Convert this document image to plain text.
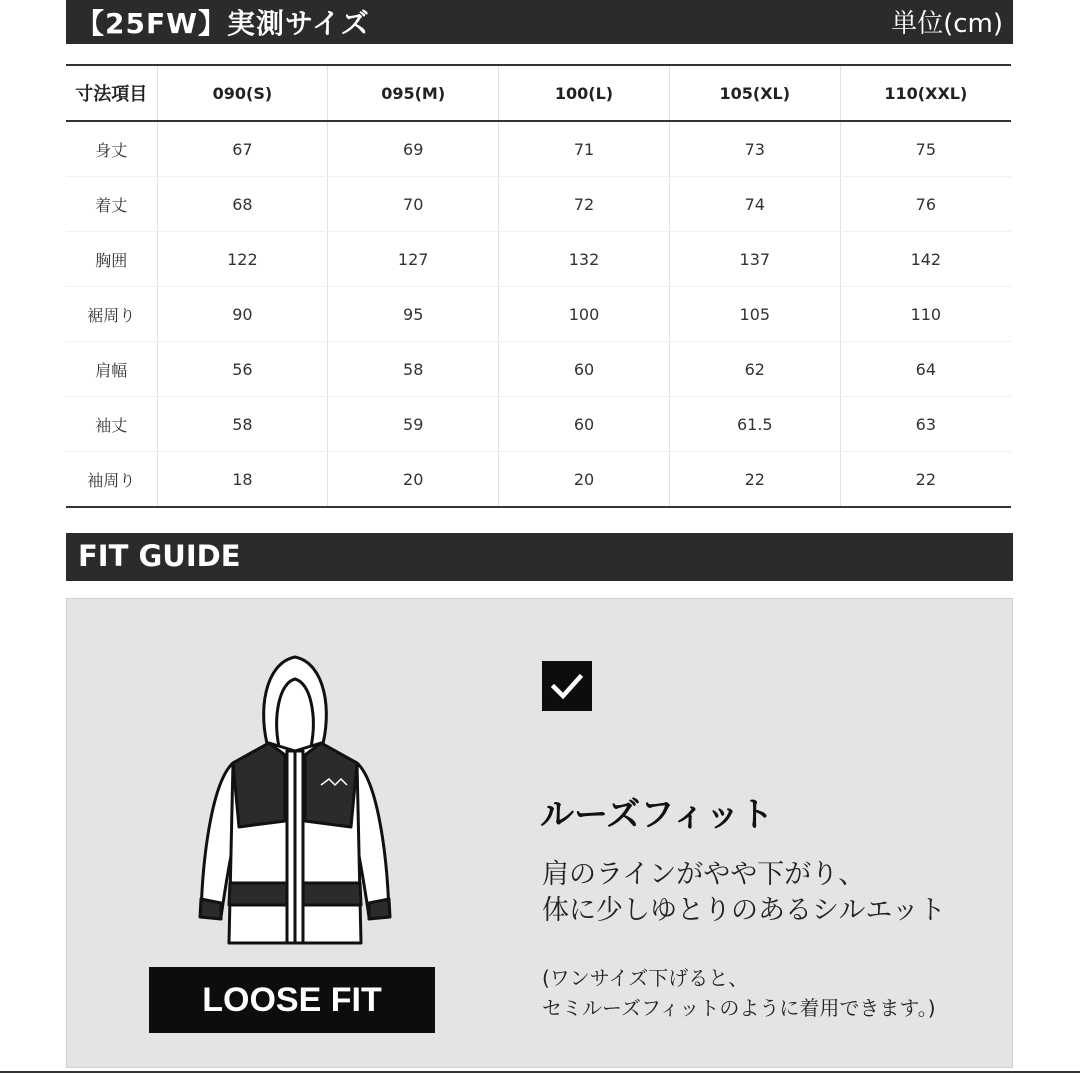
【25FW】実測サイズ	単位(cm)
寸法項目	090(S)	095(M)	100(L)	105(XL)	110(XXL)
身丈	67	69	71	73	75
着丈	68	70	72	74	76
胸囲	122	127	132	137	142
裾周り	90	95	100	105	110
肩幅	56	58	60	62	64
袖丈	58	59	60	61.5	63
袖周り	18	20	20	22	22
FIT GUIDE
LOOSE FIT
ルーズフィット
肩のラインがやや下がり、
体に少しゆとりのあるシルエット
(ワンサイズ下げると、
セミルーズフィットのように着用できます。)
